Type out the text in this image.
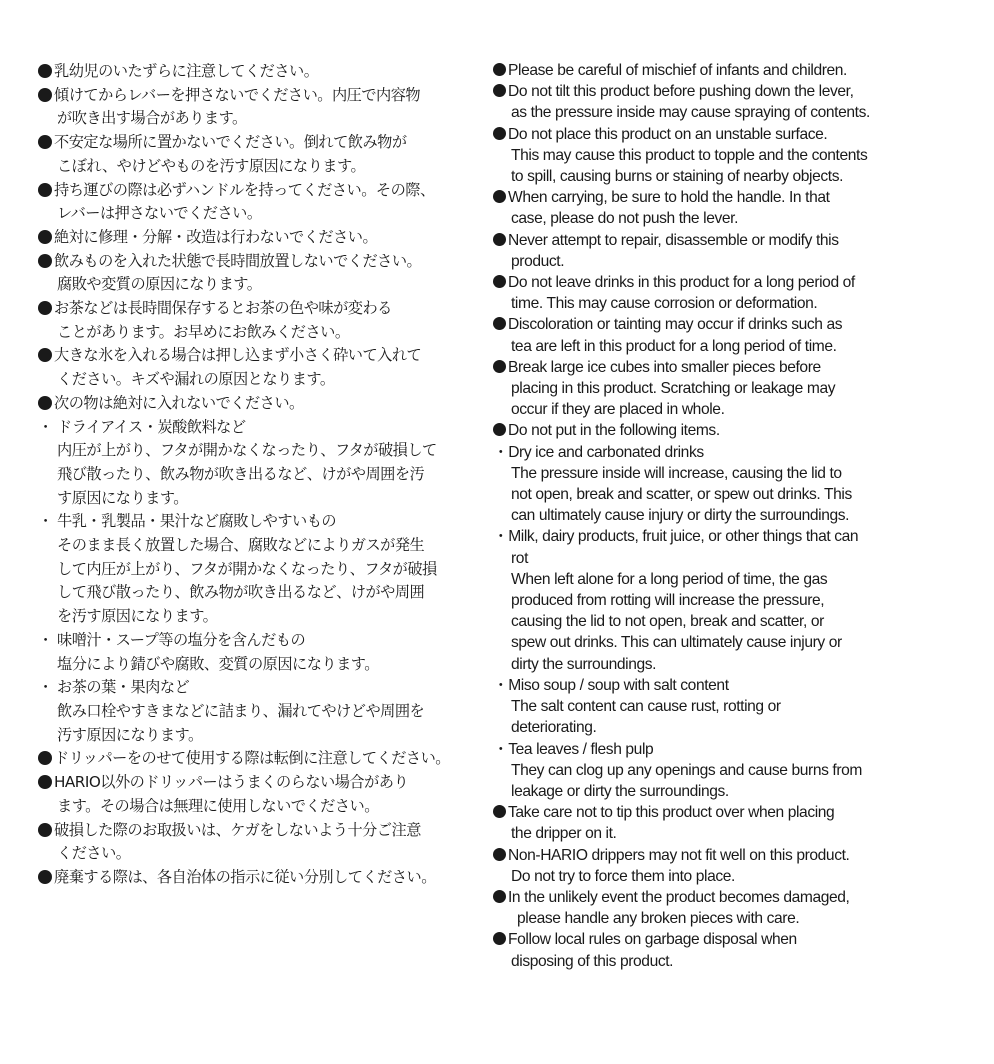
乳幼児のいたずらに注意してください。
傾けてからレバーを押さないでください。内圧で内容物
が吹き出す場合があります。
不安定な場所に置かないでください。倒れて飲み物が
こぼれ、やけどやものを汚す原因になります。
持ち運びの際は必ずハンドルを持ってください。その際、
レバーは押さないでください。
絶対に修理・分解・改造は行わないでください。
飲みものを入れた状態で長時間放置しないでください。
腐敗や変質の原因になります。
お茶などは長時間保存するとお茶の色や味が変わる
ことがあります。お早めにお飲みください。
大きな氷を入れる場合は押し込まず小さく砕いて入れて
ください。キズや漏れの原因となります。
次の物は絶対に入れないでください。
・ ドライアイス・炭酸飲料など
内圧が上がり、フタが開かなくなったり、フタが破損して
飛び散ったり、飲み物が吹き出るなど、けがや周囲を汚
す原因になります。
・ 牛乳・乳製品・果汁など腐敗しやすいもの
そのまま長く放置した場合、腐敗などによりガスが発生
して内圧が上がり、フタが開かなくなったり、フタが破損
して飛び散ったり、飲み物が吹き出るなど、けがや周囲
を汚す原因になります。
・ 味噌汁・スープ等の塩分を含んだもの
塩分により錆びや腐敗、変質の原因になります。
・ お茶の葉・果肉など
飲み口栓やすきまなどに詰まり、漏れてやけどや周囲を
汚す原因になります。
ドリッパーをのせて使用する際は転倒に注意してください。
HARIO以外のドリッパーはうまくのらない場合があり
ます。その場合は無理に使用しないでください。
破損した際のお取扱いは、ケガをしないよう十分ご注意
ください。
廃棄する際は、各自治体の指示に従い分別してください。
Please be careful of mischief of infants and children.
Do not tilt this product before pushing down the lever,
as the pressure inside may cause spraying of contents.
Do not place this product on an unstable surface.
This may cause this product to topple and the contents
to spill, causing burns or staining of nearby objects.
When carrying, be sure to hold the handle. In that
case, please do not push the lever.
Never attempt to repair, disassemble or modify this
product.
Do not leave drinks in this product for a long period of
time. This may cause corrosion or deformation.
Discoloration or tainting may occur if drinks such as
tea are left in this product for a long period of time.
Break large ice cubes into smaller pieces before
placing in this product. Scratching or leakage may
occur if they are placed in whole.
Do not put in the following items.
・Dry ice and carbonated drinks
The pressure inside will increase, causing the lid to
not open, break and scatter, or spew out drinks. This
can ultimately cause injury or dirty the surroundings.
・Milk, dairy products, fruit juice, or other things that can
rot
When left alone for a long period of time, the gas
produced from rotting will increase the pressure,
causing the lid to not open, break and scatter, or
spew out drinks. This can ultimately cause injury or
dirty the surroundings.
・Miso soup / soup with salt content
The salt content can cause rust, rotting or
deteriorating.
・Tea leaves / flesh pulp
They can clog up any openings and cause burns from
leakage or dirty the surroundings.
Take care not to tip this product over when placing
the dripper on it.
Non-HARIO drippers may not fit well on this product.
Do not try to force them into place.
In the unlikely event the product becomes damaged,
please handle any broken pieces with care.
Follow local rules on garbage disposal when
disposing of this product.
